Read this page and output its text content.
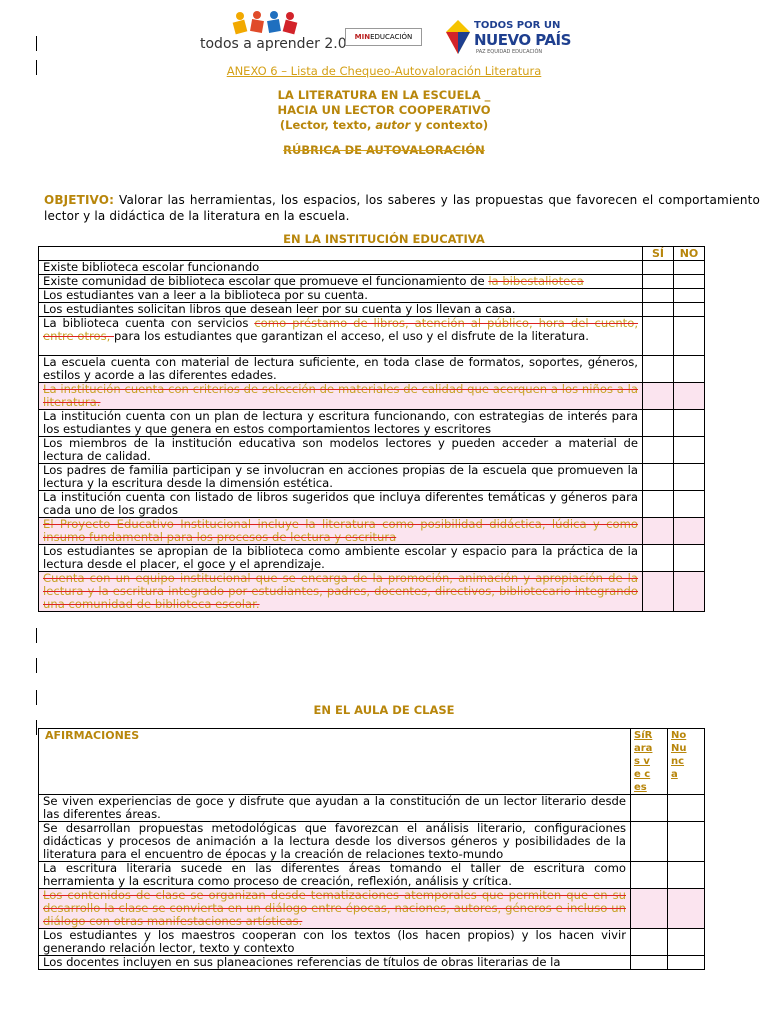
todos a aprender 2.0	MINEDUCACIÓN
TODOS POR UN
NUEVO PAÍS
PAZ EQUIDAD EDUCACIÓN
ANEXO 6 – Lista de Chequeo-Autovaloración Literatura
LA LITERATURA EN LA ESCUELA _
HACIA UN LECTOR COOPERATIVO
(Lector, texto, autor y contexto)
RÚBRICA DE AUTOVALORACIÓN
OBJETIVO: Valorar las herramientas, los espacios, los saberes y las propuestas que favorecen el comportamiento lector y la didáctica de la literatura en la escuela.
EN LA INSTITUCIÓN EDUCATIVA
	SÍ	NO
Existe biblioteca escolar funcionando		
Existe comunidad de biblioteca escolar que promueve el funcionamiento de la bibestalioteca		
Los estudiantes van a leer a la biblioteca por su cuenta.		
Los estudiantes solicitan libros que desean leer por su cuenta y los llevan a casa.		
La biblioteca cuenta con servicios como préstamo de libros, atención al público, hora del cuento, entre otros, para los estudiantes que garantizan el acceso, el uso y el disfrute de la literatura.		
La escuela cuenta con material de lectura suficiente, en toda clase de formatos, soportes, géneros, estilos y acorde a las diferentes edades.		
La institución cuenta con criterios de selección de materiales de calidad que acerquen a los niños a la literatura.		
La institución cuenta con un plan de lectura y escritura funcionando, con estrategias de interés para los estudiantes y que genera en estos comportamientos lectores y escritores		
Los miembros de la institución educativa son modelos lectores y pueden acceder a material de lectura de calidad.		
Los padres de familia participan y se involucran en acciones propias de la escuela que promueven la lectura y la escritura desde la dimensión estética.		
La institución cuenta con listado de libros sugeridos que incluya diferentes temáticas y géneros para cada uno de los grados		
El Proyecto Educativo Institucional incluye la literatura como posibilidad didáctica, lúdica y como insumo fundamental para los procesos de lectura y escritura		
Los estudiantes se apropian de la biblioteca como ambiente escolar y espacio para la práctica de la lectura desde el placer, el goce y el aprendizaje.		
Cuenta con un equipo institucional que se encarga de la promoción, animación y apropiación de la lectura y la escritura integrado por estudiantes, padres, docentes, directivos, bibliotecario integrando una comunidad de biblioteca escolar.		
EN EL AULA DE CLASE
AFIRMACIONES	SíR ara s ve ces	No Nu nc a

Se viven experiencias de goce y disfrute que ayudan a la constitución de un lector literario desde las diferentes áreas.		
Se desarrollan propuestas metodológicas que favorezcan el análisis literario, configuraciones didácticas y procesos de animación a la lectura desde los diversos géneros y posibilidades de la literatura para el encuentro de épocas y la creación de relaciones texto-mundo		
La escritura literaria sucede en las diferentes áreas tomando el taller de escritura como herramienta y la escritura como proceso de creación, reflexión, análisis y crítica.		
Los contenidos de clase se organizan desde tematizaciones atemporales que permiten que en su desarrollo la clase se convierta en un diálogo entre épocas, naciones, autores, géneros e incluso un diálogo con otras manifestaciones artísticas.		
Los estudiantes y los maestros cooperan con los textos (los hacen propios) y los hacen vivir generando relación lector, texto y contexto		
Los docentes incluyen en sus planeaciones referencias de títulos de obras literarias de la		
